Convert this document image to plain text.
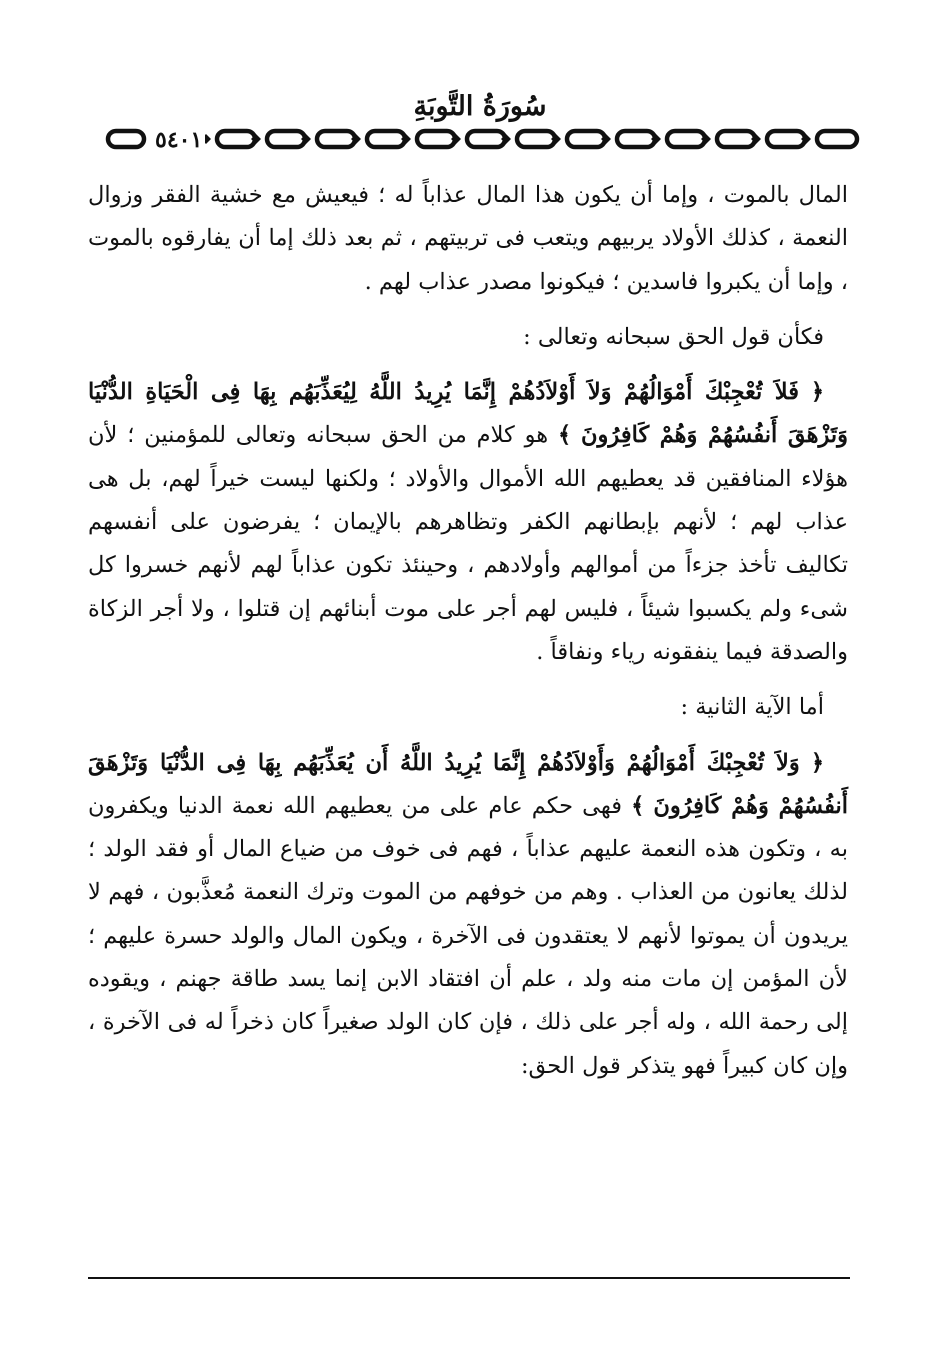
سُورَةُ التَّوبَةِ
٥٤٠١

المال بالموت ، وإما أن يكون هذا المال عذاباً له ؛ فيعيش مع خشية الفقر وزوال النعمة ، كذلك الأولاد يربيهم ويتعب فى تربيتهم ، ثم بعد ذلك إما أن يفارقوه بالموت ، وإما أن يكبروا فاسدين ؛ فيكونوا مصدر عذاب لهم .

فكأن قول الحق سبحانه وتعالى :

﴿ فَلاَ تُعْجِبْكَ أَمْوَالُهُمْ وَلاَ أَوْلاَدُهُمْ إِنَّمَا يُرِيدُ اللَّهُ لِيُعَذِّبَهُم بِهَا فِى الْحَيَاةِ الدُّنْيَا وَتَزْهَقَ أَنفُسُهُمْ وَهُمْ كَافِرُونَ ﴾ هو كلام من الحق سبحانه وتعالى للمؤمنين ؛ لأن هؤلاء المنافقين قد يعطيهم الله الأموال والأولاد ؛ ولكنها ليست خيراً لهم، بل هى عذاب لهم ؛ لأنهم بإبطانهم الكفر وتظاهرهم بالإيمان ؛ يفرضون على أنفسهم تكاليف تأخذ جزءاً من أموالهم وأولادهم ، وحينئذ تكون عذاباً لهم لأنهم خسروا كل شىء ولم يكسبوا شيئاً ، فليس لهم أجر على موت أبنائهم إن قتلوا ، ولا أجر الزكاة والصدقة فيما ينفقونه رياء ونفاقاً .

أما الآية الثانية :

﴿ وَلاَ تُعْجِبْكَ أَمْوَالُهُمْ وَأَوْلاَدُهُمْ إِنَّمَا يُرِيدُ اللَّهُ أَن يُعَذِّبَهُم بِهَا فِى الدُّنْيَا وَتَزْهَقَ أَنفُسُهُمْ وَهُمْ كَافِرُونَ ﴾ فهى حكم عام على من يعطيهم الله نعمة الدنيا ويكفرون به ، وتكون هذه النعمة عليهم عذاباً ، فهم فى خوف من ضياع المال أو فقد الولد ؛ لذلك يعانون من العذاب . وهم من خوفهم من الموت وترك النعمة مُعذَّبون ، فهم لا يريدون أن يموتوا لأنهم لا يعتقدون فى الآخرة ، ويكون المال والولد حسرة عليهم ؛ لأن المؤمن إن مات منه ولد ، علم أن افتقاد الابن إنما يسد طاقة جهنم ، ويقوده إلى رحمة الله ، وله أجر على ذلك ، فإن كان الولد صغيراً كان ذخراً له فى الآخرة ، وإن كان كبيراً فهو يتذكر قول الحق:
